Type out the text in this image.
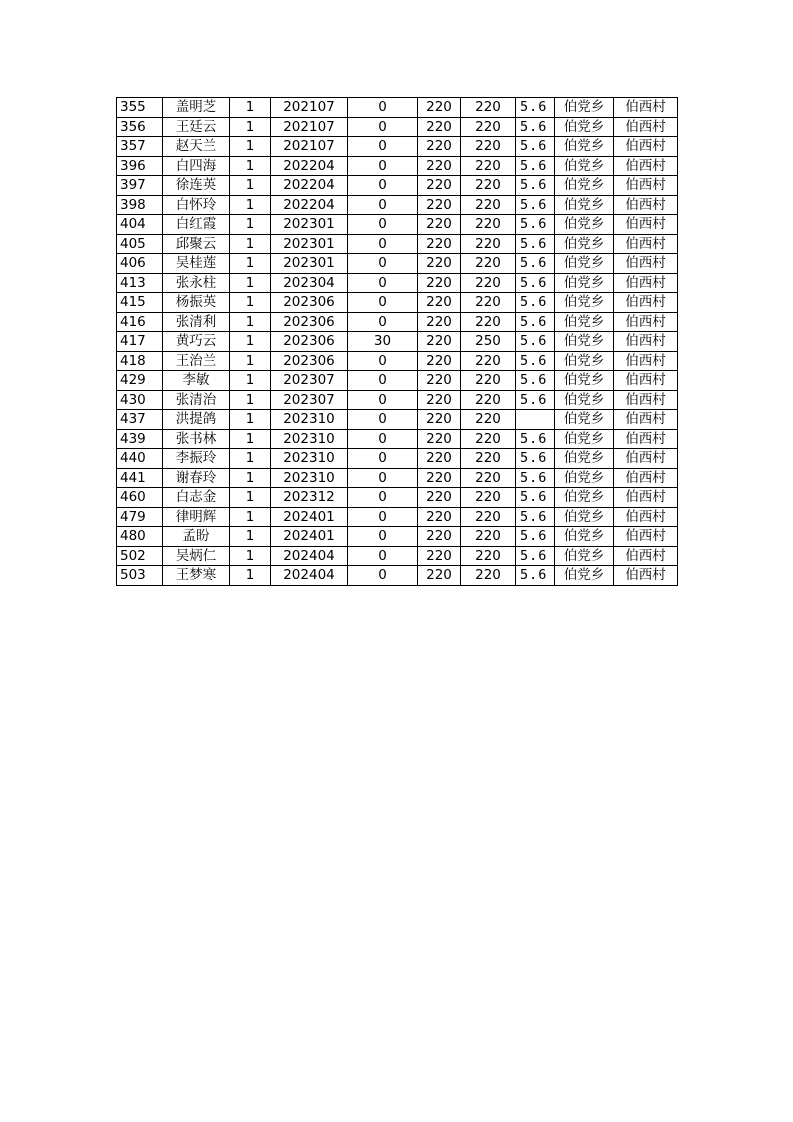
355	盖明芝	1	202107	0	220	220	5.6	伯党乡	伯西村
356	王廷云	1	202107	0	220	220	5.6	伯党乡	伯西村
357	赵天兰	1	202107	0	220	220	5.6	伯党乡	伯西村
396	白四海	1	202204	0	220	220	5.6	伯党乡	伯西村
397	徐连英	1	202204	0	220	220	5.6	伯党乡	伯西村
398	白怀玲	1	202204	0	220	220	5.6	伯党乡	伯西村
404	白红霞	1	202301	0	220	220	5.6	伯党乡	伯西村
405	邱聚云	1	202301	0	220	220	5.6	伯党乡	伯西村
406	吴桂莲	1	202301	0	220	220	5.6	伯党乡	伯西村
413	张永柱	1	202304	0	220	220	5.6	伯党乡	伯西村
415	杨振英	1	202306	0	220	220	5.6	伯党乡	伯西村
416	张清利	1	202306	0	220	220	5.6	伯党乡	伯西村
417	黄巧云	1	202306	30	220	250	5.6	伯党乡	伯西村
418	王治兰	1	202306	0	220	220	5.6	伯党乡	伯西村
429	李敏	1	202307	0	220	220	5.6	伯党乡	伯西村
430	张清治	1	202307	0	220	220	5.6	伯党乡	伯西村
437	洪提鸽	1	202310	0	220	220		伯党乡	伯西村
439	张书林	1	202310	0	220	220	5.6	伯党乡	伯西村
440	李振玲	1	202310	0	220	220	5.6	伯党乡	伯西村
441	谢春玲	1	202310	0	220	220	5.6	伯党乡	伯西村
460	白志金	1	202312	0	220	220	5.6	伯党乡	伯西村
479	律明辉	1	202401	0	220	220	5.6	伯党乡	伯西村
480	孟盼	1	202401	0	220	220	5.6	伯党乡	伯西村
502	吴炳仁	1	202404	0	220	220	5.6	伯党乡	伯西村
503	王梦寒	1	202404	0	220	220	5.6	伯党乡	伯西村
